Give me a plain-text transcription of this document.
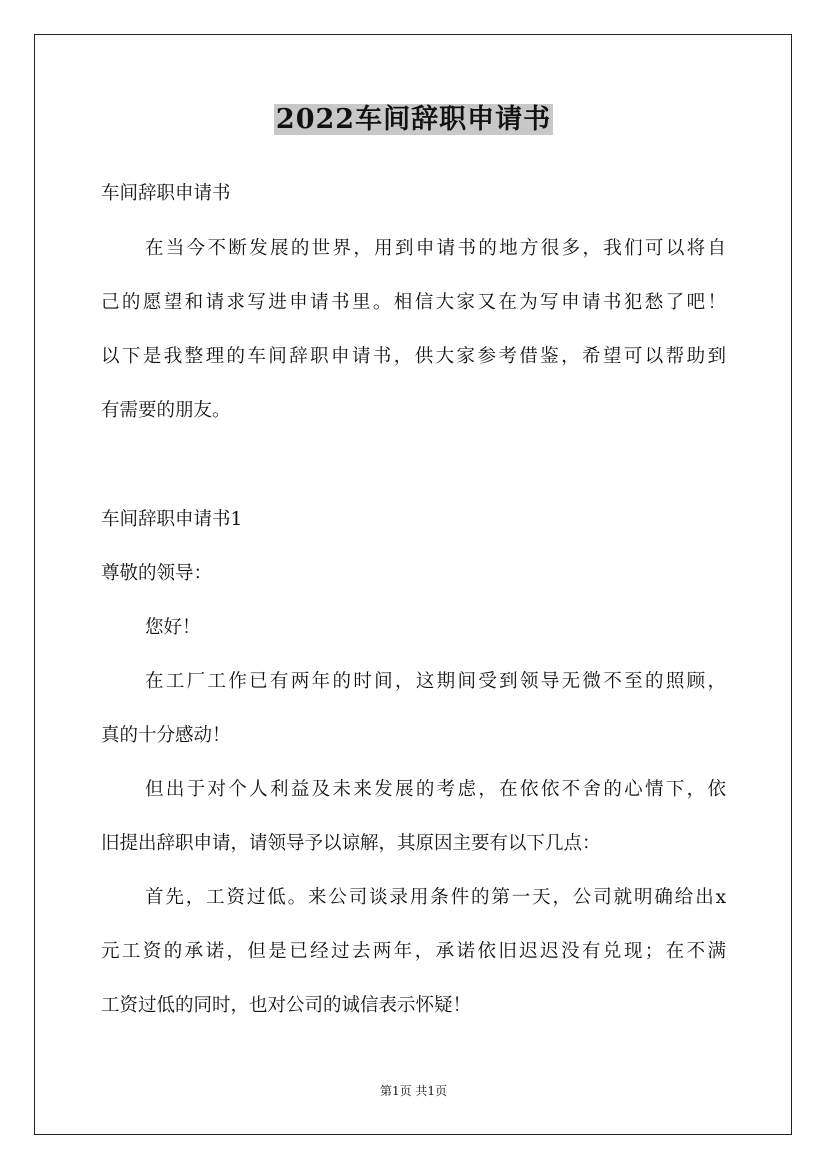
2022车间辞职申请书
车间辞职申请书
在当今不断发展的世界，用到申请书的地方很多，我们可以将自
己的愿望和请求写进申请书里。相信大家又在为写申请书犯愁了吧！
以下是我整理的车间辞职申请书，供大家参考借鉴，希望可以帮助到
有需要的朋友。
车间辞职申请书1
尊敬的领导：
您好！
在工厂工作已有两年的时间，这期间受到领导无微不至的照顾，
真的十分感动！
但出于对个人利益及未来发展的考虑，在依依不舍的心情下，依
旧提出辞职申请，请领导予以谅解，其原因主要有以下几点：
首先，工资过低。来公司谈录用条件的第一天，公司就明确给出x
元工资的承诺，但是已经过去两年，承诺依旧迟迟没有兑现；在不满
工资过低的同时，也对公司的诚信表示怀疑！
第1页 共1页
